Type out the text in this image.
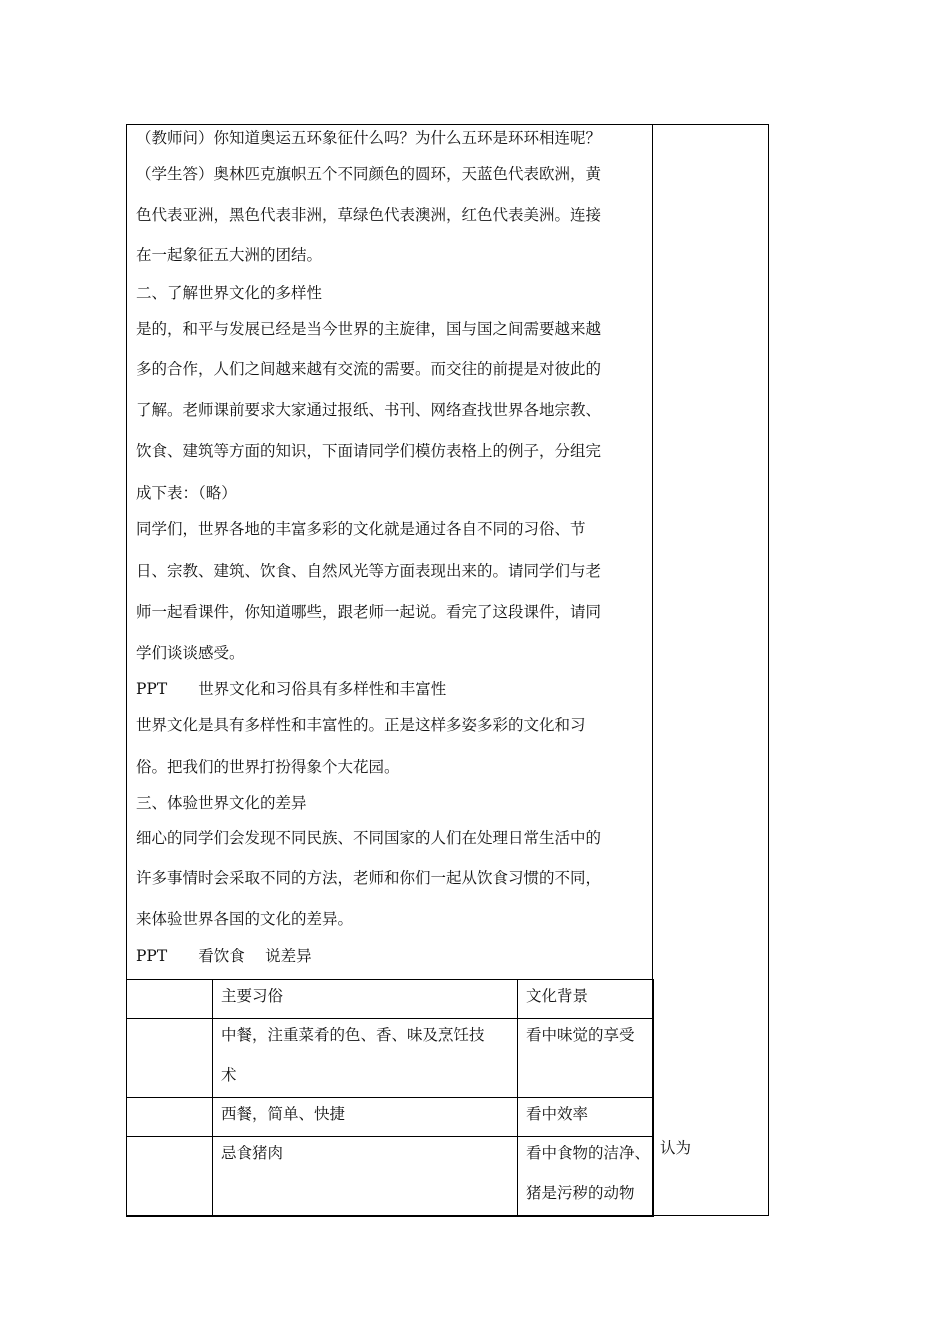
（教师问）你知道奥运五环象征什么吗？为什么五环是环环相连呢？
（学生答）奥林匹克旗帜五个不同颜色的圆环，天蓝色代表欧洲，黄
色代表亚洲，黑色代表非洲，草绿色代表澳洲，红色代表美洲。连接
在一起象征五大洲的团结。
二、了解世界文化的多样性
是的，和平与发展已经是当今世界的主旋律，国与国之间需要越来越
多的合作，人们之间越来越有交流的需要。而交往的前提是对彼此的
了解。老师课前要求大家通过报纸、书刊、网络查找世界各地宗教、
饮食、建筑等方面的知识，下面请同学们模仿表格上的例子，分组完
成下表：（略）
同学们，世界各地的丰富多彩的文化就是通过各自不同的习俗、节
日、宗教、建筑、饮食、自然风光等方面表现出来的。请同学们与老
师一起看课件，你知道哪些，跟老师一起说。看完了这段课件，请同
学们谈谈感受。
PPT　　世界文化和习俗具有多样性和丰富性
世界文化是具有多样性和丰富性的。正是这样多姿多彩的文化和习
俗。把我们的世界打扮得象个大花园。
三、体验世界文化的差异
细心的同学们会发现不同民族、不同国家的人们在处理日常生活中的
许多事情时会采取不同的方法，老师和你们一起从饮食习惯的不同，
来体验世界各国的文化的差异。
PPT　　看饮食　 说差异

	主要习俗	文化背景

	中餐，注重菜肴的色、香、味及烹饪技
术	看中味觉的享受

	西餐，简单、快捷	看中效率

	忌食猪肉	看中食物的洁净、
猪是污秽的动物
认为
